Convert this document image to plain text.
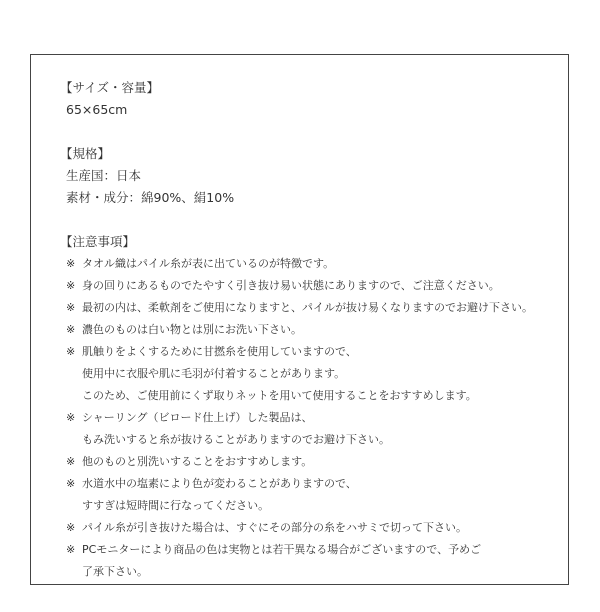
【サイズ・容量】
65×65cm
【規格】
生産国：日本
素材・成分：綿90%、絹10%
【注意事項】
※ タオル織はパイル糸が表に出ているのが特徴です。
※ 身の回りにあるものでたやすく引き抜け易い状態にありますので、ご注意ください。
※ 最初の内は、柔軟剤をご使用になりますと、パイルが抜け易くなりますのでお避け下さい。
※ 濃色のものは白い物とは別にお洗い下さい。
※ 肌触りをよくするために甘撚糸を使用していますので、
使用中に衣服や肌に毛羽が付着することがあります。
このため、ご使用前にくず取りネットを用いて使用することをおすすめします。
※ シャーリング（ビロード仕上げ）した製品は、
もみ洗いすると糸が抜けることがありますのでお避け下さい。
※ 他のものと別洗いすることをおすすめします。
※ 水道水中の塩素により色が変わることがありますので、
すすぎは短時間に行なってください。
※ パイル糸が引き抜けた場合は、すぐにその部分の糸をハサミで切って下さい。
※ PCモニターにより商品の色は実物とは若干異なる場合がございますので、予めご
了承下さい。
